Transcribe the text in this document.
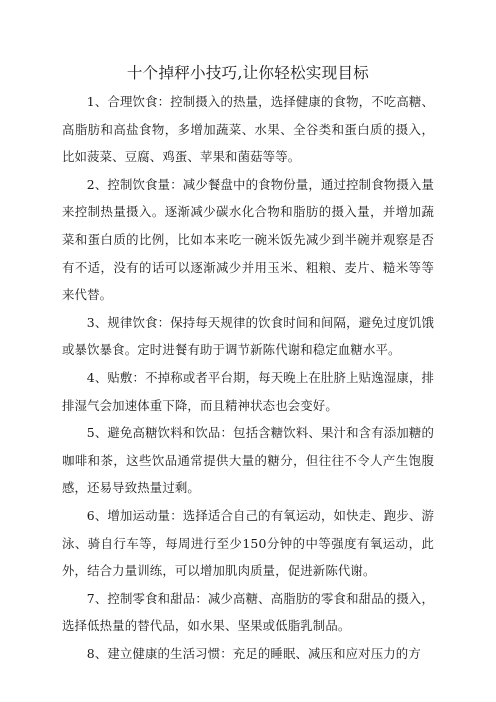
十个掉秤小技巧,让你轻松实现目标

1、合理饮食：控制摄入的热量，选择健康的食物，不吃高糖、高脂肪和高盐食物，多增加蔬菜、水果、全谷类和蛋白质的摄入，比如菠菜、豆腐、鸡蛋、苹果和菌菇等等。

2、控制饮食量：减少餐盘中的食物份量，通过控制食物摄入量来控制热量摄入。逐渐减少碳水化合物和脂肪的摄入量，并增加蔬菜和蛋白质的比例，比如本来吃一碗米饭先减少到半碗并观察是否有不适，没有的话可以逐渐减少并用玉米、粗粮、麦片、糙米等等来代替。

3、规律饮食：保持每天规律的饮食时间和间隔，避免过度饥饿或暴饮暴食。定时进餐有助于调节新陈代谢和稳定血糖水平。

4、贴敷：不掉称或者平台期，每天晚上在肚脐上贴逸湿康，排排湿气会加速体重下降，而且精神状态也会变好。

5、避免高糖饮料和饮品：包括含糖饮料、果汁和含有添加糖的咖啡和茶，这些饮品通常提供大量的糖分，但往往不令人产生饱腹感，还易导致热量过剩。

6、增加运动量：选择适合自己的有氧运动，如快走、跑步、游泳、骑自行车等，每周进行至少150分钟的中等强度有氧运动，此外，结合力量训练，可以增加肌肉质量，促进新陈代谢。

7、控制零食和甜品：减少高糖、高脂肪的零食和甜品的摄入，选择低热量的替代品，如水果、坚果或低脂乳制品。

8、建立健康的生活习惯：充足的睡眠、减压和应对压力的方
